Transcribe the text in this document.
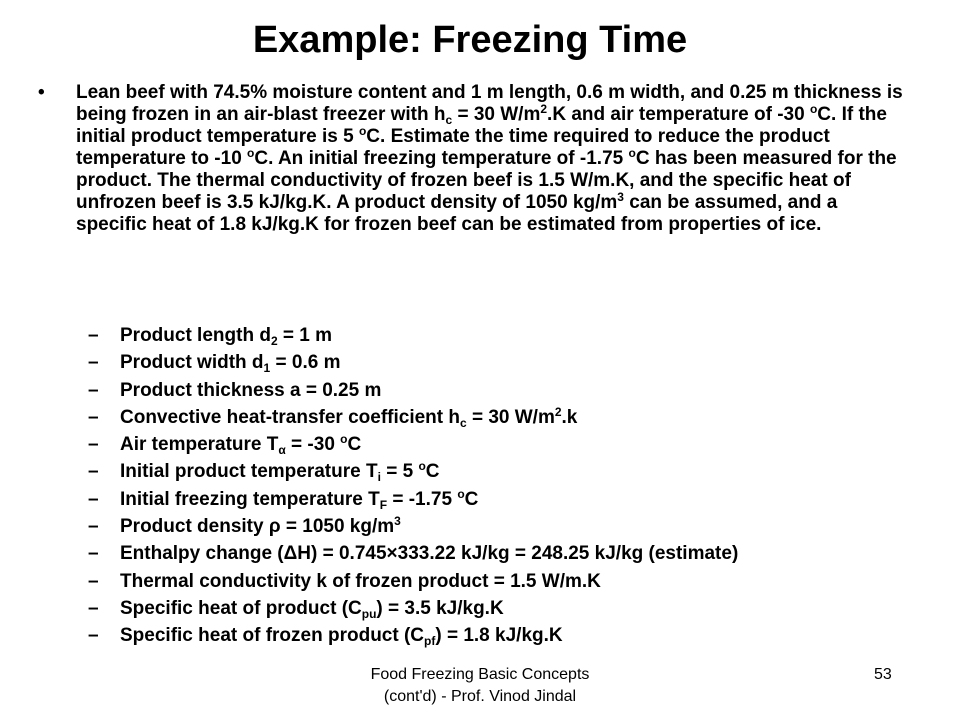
Example: Freezing Time
• Lean beef with 74.5% moisture content and 1 m length, 0.6 m width, and 0.25 m thickness is being frozen in an air-blast freezer with $h_c = 30$ $W/m^2.K$ and air temperature of -30 $^o$C. If the initial product temperature is 5 $^o$C. Estimate the time required to reduce the product temperature to -10 $^o$C. An initial freezing temperature of -1.75 $^o$C has been measured for the product. The thermal conductivity of frozen beef is 1.5 W/m.K, and the specific heat of unfrozen beef is 3.5 kJ/kg.K. A product density of 1050 $kg/m^3$ can be assumed, and a specific heat of 1.8 kJ/kg.K for frozen beef can be estimated from properties of ice.
– Product length $d_2 = 1$ m
– Product width $d_1 = 0.6$ m
– Product thickness a = 0.25 m
– Convective heat-transfer coefficient $h_c = 30$ $W/m^2.k$
– Air temperature $T_\alpha = -30$ $^o$C
– Initial product temperature $T_i = 5$ $^o$C
– Initial freezing temperature $T_F = -1.75$ $^o$C
– Product density ρ = 1050 $kg/m^3$
– Enthalpy change (ΔH) = 0.745×333.22 kJ/kg = 248.25 kJ/kg (estimate)
– Thermal conductivity k of frozen product = 1.5 W/m.K
– Specific heat of product $(C_{pu}) = 3.5$ kJ/kg.K
– Specific heat of frozen product $(C_{pf}) = 1.8$ kJ/kg.K
Food Freezing Basic Concepts
(cont'd) - Prof. Vinod Jindal
53
